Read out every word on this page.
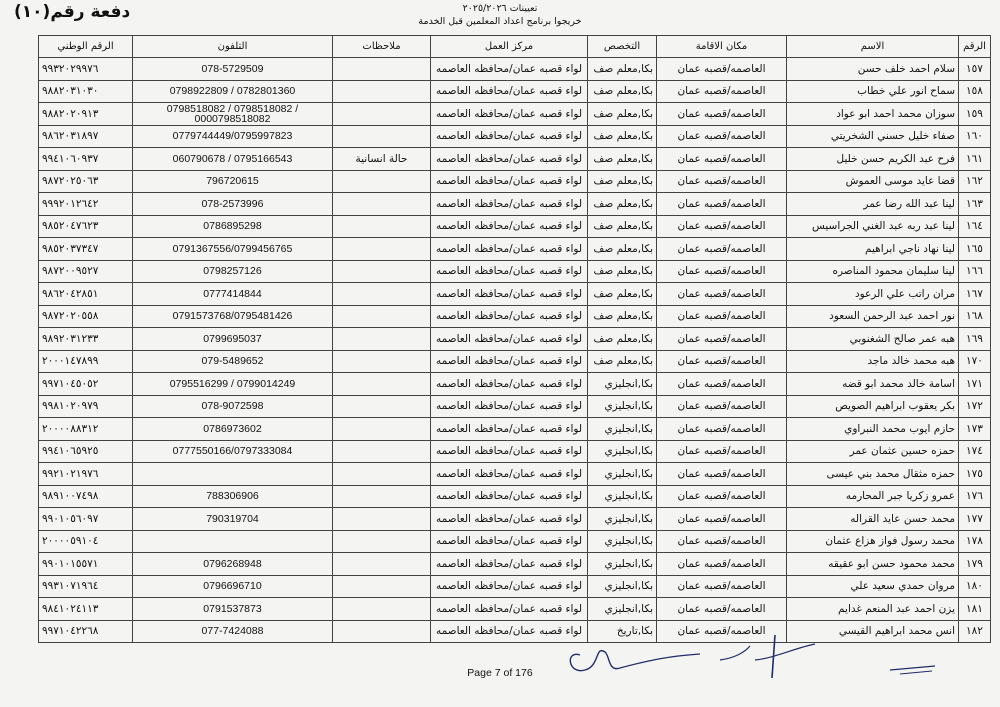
دفعة رقم(١٠)	تعيينات ٢٠٢٥/٢٠٢٦
خريجوا برنامج اعداد المعلمين قبل الخدمة
الرقم	الاسم	مكان الاقامة	التخصص	مركز العمل	ملاحظات	التلفون	الرقم الوطني
١٥٧	سلام احمد خلف حسن	العاصمه/قصبه عمان	بكا,معلم صف	لواء قصبه عمان/محافظه العاصمه		078-5729509	٩٩٣٢٠٢٩٩٧٦
١٥٨	سماح انور علي خطاب	العاصمه/قصبه عمان	بكا,معلم صف	لواء قصبه عمان/محافظه العاصمه		0798922809 / 0782801360	٩٨٨٢٠٣١٠٣٠
١٥٩	سوزان محمد احمد ابو عواد	العاصمه/قصبه عمان	بكا,معلم صف	لواء قصبه عمان/محافظه العاصمه		0798518082 / 0798518082 / 0000798518082	٩٨٨٢٠٢٠٩١٣
١٦٠	صفاء خليل حسني الشخريتي	العاصمه/قصبه عمان	بكا,معلم صف	لواء قصبه عمان/محافظه العاصمه		0779744449/0795997823	٩٨٦٢٠٣١٨٩٧
١٦١	فرح عبد الكريم حسن خليل	العاصمه/قصبه عمان	بكا,معلم صف	لواء قصبه عمان/محافظه العاصمه	حالة انسانية	060790678 / 0795166543	٩٩٤١٠٦٠٩٣٧
١٦٢	قضا عايد موسى العموش	العاصمه/قصبه عمان	بكا,معلم صف	لواء قصبه عمان/محافظه العاصمه		796720615	٩٨٧٢٠٢٥٠٦٣
١٦٣	لينا عبد الله رضا عمر	العاصمه/قصبه عمان	بكا,معلم صف	لواء قصبه عمان/محافظه العاصمه		078-2573996	٩٩٩٢٠١٢٦٤٢
١٦٤	لينا عبد ربه عبد الغني الجراسيس	العاصمه/قصبه عمان	بكا,معلم صف	لواء قصبه عمان/محافظه العاصمه		0786895298	٩٨٥٢٠٤٧٦٢٣
١٦٥	لينا نهاد ناجي ابراهيم	العاصمه/قصبه عمان	بكا,معلم صف	لواء قصبه عمان/محافظه العاصمه		0791367556/0799456765	٩٨٥٢٠٣٧٣٤٧
١٦٦	لينا سليمان محمود المناصره	العاصمه/قصبه عمان	بكا,معلم صف	لواء قصبه عمان/محافظه العاصمه		0798257126	٩٨٧٢٠٠٩٥٢٧
١٦٧	مران راتب علي الرعود	العاصمه/قصبه عمان	بكا,معلم صف	لواء قصبه عمان/محافظه العاصمه		0777414844	٩٨٦٢٠٤٢٨٥١
١٦٨	نور احمد عبد الرحمن السعود	العاصمه/قصبه عمان	بكا,معلم صف	لواء قصبه عمان/محافظه العاصمه		0791573768/0795481426	٩٨٧٢٠٢٠٥٥٨
١٦٩	هبه عمر صالح الشغنوبي	العاصمه/قصبه عمان	بكا,معلم صف	لواء قصبه عمان/محافظه العاصمه		0799695037	٩٨٩٢٠٣١٢٣٣
١٧٠	هبه محمد خالد ماجد	العاصمه/قصبه عمان	بكا,معلم صف	لواء قصبه عمان/محافظه العاصمه		079-5489652	٢٠٠٠١٤٧٨٩٩
١٧١	اسامة خالد محمد ابو قضه	العاصمه/قصبه عمان	بكا,انجليزي	لواء قصبه عمان/محافظه العاصمه		0795516299 / 0799014249	٩٩٧١٠٤٥٠٥٢
١٧٢	بكر يعقوب ابراهيم الصويص	العاصمه/قصبه عمان	بكا,انجليزي	لواء قصبه عمان/محافظه العاصمه		078-9072598	٩٩٨١٠٢٠٩٧٩
١٧٣	حازم ايوب محمد النبراوي	العاصمه/قصبه عمان	بكا,انجليزي	لواء قصبه عمان/محافظه العاصمه		0786973602	٢٠٠٠٠٨٨٣١٢
١٧٤	حمزه حسين عثمان عمر	العاصمه/قصبه عمان	بكا,انجليزي	لواء قصبه عمان/محافظه العاصمه		0777550166/0797333084	٩٩٤١٠٦٥٩٢٥
١٧٥	حمزه مثقال محمد بني عيسى	العاصمه/قصبه عمان	بكا,انجليزي	لواء قصبه عمان/محافظه العاصمه			٩٩٢١٠٢١٩٧٦
١٧٦	عمرو زكريا جبر المحارمه	العاصمه/قصبه عمان	بكا,انجليزي	لواء قصبه عمان/محافظه العاصمه		788306906	٩٨٩١٠٠٧٤٩٨
١٧٧	محمد حسن عايد القراله	العاصمه/قصبه عمان	بكا,انجليزي	لواء قصبه عمان/محافظه العاصمه		790319704	٩٩٠١٠٥٦٠٩٧
١٧٨	محمد رسول فواز هزاع عثمان	العاصمه/قصبه عمان	بكا,انجليزي	لواء قصبه عمان/محافظه العاصمه			٢٠٠٠٠٥٩١٠٤
١٧٩	محمد محمود حسن ابو عقيقه	العاصمه/قصبه عمان	بكا,انجليزي	لواء قصبه عمان/محافظه العاصمه		0796268948	٩٩٠١٠١٥٥٧١
١٨٠	مروان حمدي سعيد علي	العاصمه/قصبه عمان	بكا,انجليزي	لواء قصبه عمان/محافظه العاصمه		0796696710	٩٩٣١٠٧١٩٦٤
١٨١	يزن احمد عبد المنعم غدايم	العاصمه/قصبه عمان	بكا,انجليزي	لواء قصبه عمان/محافظه العاصمه		0791537873	٩٨٤١٠٢٤١١٣
١٨٢	انس محمد ابراهيم القيسي	العاصمه/قصبه عمان	بكا,تاريخ	لواء قصبه عمان/محافظه العاصمه		077-7424088	٩٩٧١٠٤٢٢٦٨
Page 7 of 176
